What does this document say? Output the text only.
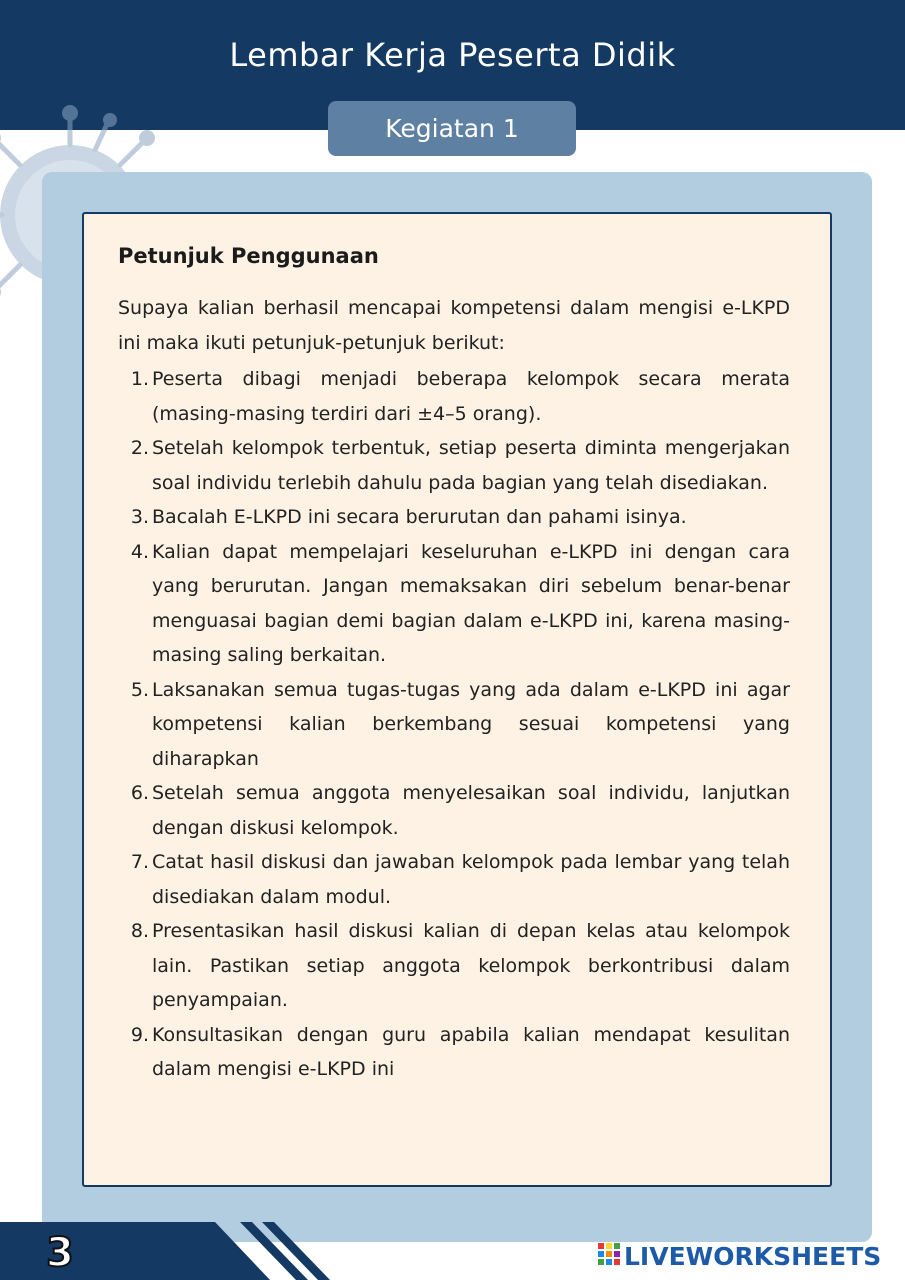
Lembar Kerja Peserta Didik
Kegiatan 1
Petunjuk Penggunaan
Supaya kalian berhasil mencapai kompetensi dalam mengisi e-LKPD ini maka ikuti petunjuk-petunjuk berikut:
1. Peserta dibagi menjadi beberapa kelompok secara merata (masing-masing terdiri dari ±4–5 orang).
2. Setelah kelompok terbentuk, setiap peserta diminta mengerjakan soal individu terlebih dahulu pada bagian yang telah disediakan.
3. Bacalah E-LKPD ini secara berurutan dan pahami isinya.
4. Kalian dapat mempelajari keseluruhan e-LKPD ini dengan cara yang berurutan. Jangan memaksakan diri sebelum benar-benar menguasai bagian demi bagian dalam e-LKPD ini, karena masing-masing saling berkaitan.
5. Laksanakan semua tugas-tugas yang ada dalam e-LKPD ini agar kompetensi kalian berkembang sesuai kompetensi yang diharapkan
6. Setelah semua anggota menyelesaikan soal individu, lanjutkan dengan diskusi kelompok.
7. Catat hasil diskusi dan jawaban kelompok pada lembar yang telah disediakan dalam modul.
8. Presentasikan hasil diskusi kalian di depan kelas atau kelompok lain. Pastikan setiap anggota kelompok berkontribusi dalam penyampaian.
9. Konsultasikan dengan guru apabila kalian mendapat kesulitan dalam mengisi e-LKPD ini
3	LIVEWORKSHEETS
